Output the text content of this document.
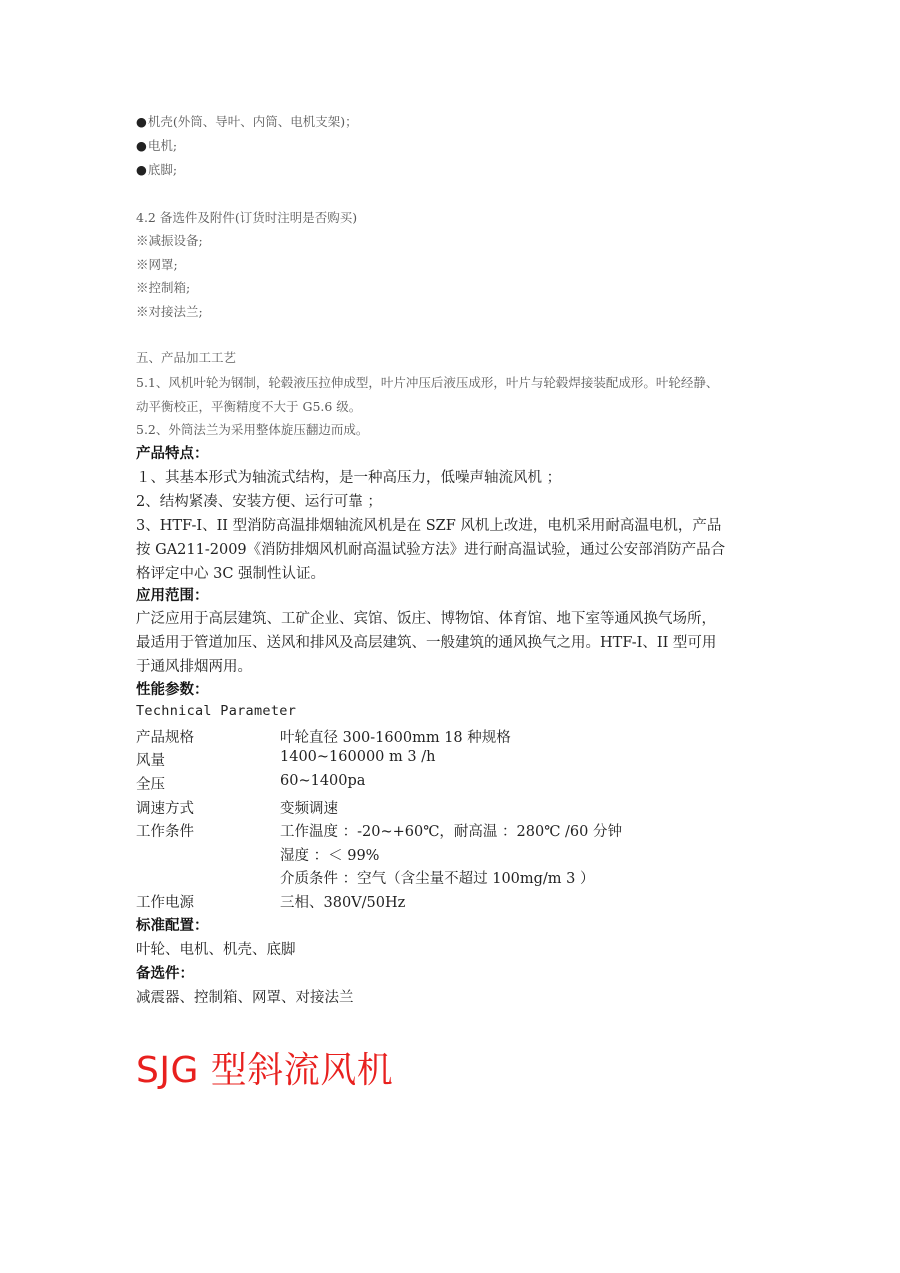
●机壳(外筒、导叶、内筒、电机支架)；
●电机;
●底脚;
4.2 备选件及附件(订货时注明是否购买)
※减振设备;
※网罩;
※控制箱;
※对接法兰;
五、产品加工工艺
5.1、风机叶轮为钢制，轮毂液压拉伸成型，叶片冲压后液压成形，叶片与轮毂焊接装配成形。叶轮经静、
动平衡校正，平衡精度不大于 G5.6 级。
5.2、外筒法兰为采用整体旋压翻边而成。
产品特点：
１、其基本形式为轴流式结构，是一种高压力，低噪声轴流风机 ；
2、结构紧凑、安装方便、运行可靠 ；
3、HTF-I、II 型消防高温排烟轴流风机是在 SZF 风机上改进，电机采用耐高温电机，产品
按 GA211-2009《消防排烟风机耐高温试验方法》进行耐高温试验，通过公安部消防产品合
格评定中心 3C 强制性认证。
应用范围：
广泛应用于高层建筑、工矿企业、宾馆、饭庄、博物馆、体育馆、地下室等通风换气场所，
最适用于管道加压、送风和排风及高层建筑、一般建筑的通风换气之用。HTF-I、II 型可用
于通风排烟两用。
性能参数：
Technical Parameter
产品规格	叶轮直径 300-1600mm 18 种规格
风量	1400~160000 m 3 /h
全压	60~1400pa
调速方式	变频调速
工作条件	工作温度 ：-20~+60℃，耐高温 ：280℃ /60 分钟
湿度 ：＜ 99%
介质条件 ：空气（含尘量不超过 100mg/m 3 ）
工作电源	三相、380V/50Hz
标准配置：
叶轮、电机、机壳、底脚
备选件：
减震器、控制箱、网罩、对接法兰
SJG 型斜流风机
